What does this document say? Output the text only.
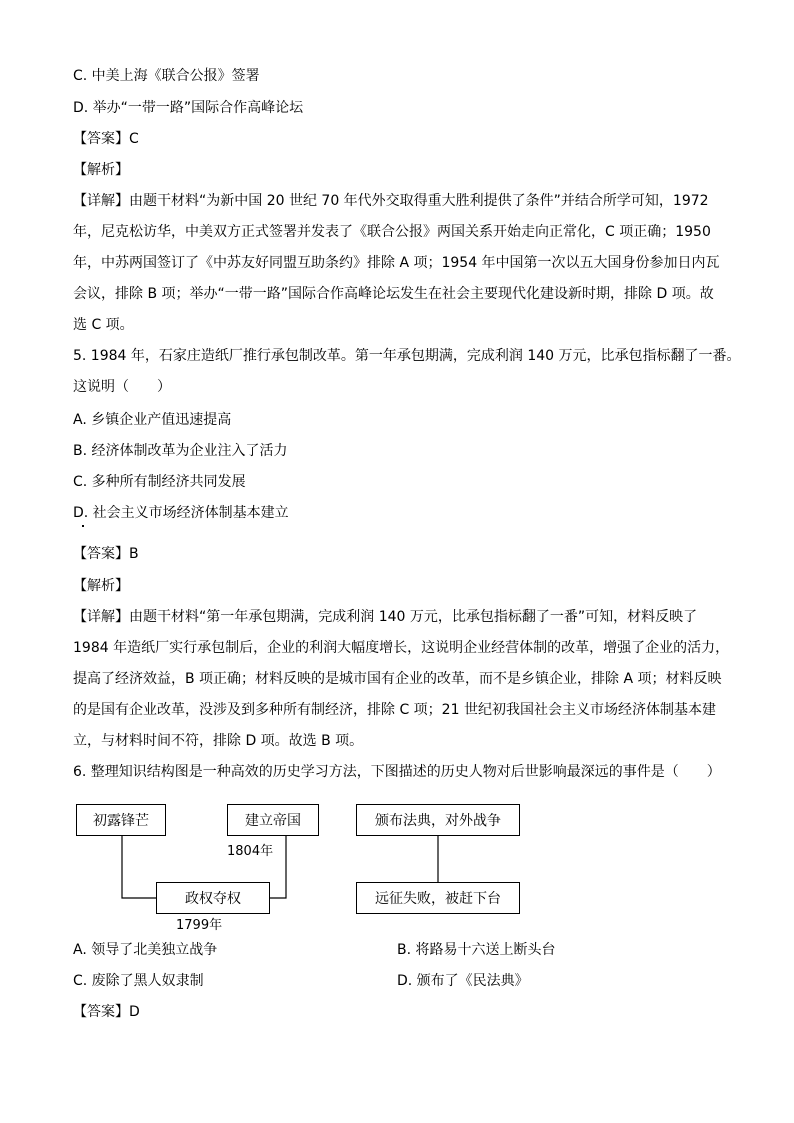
C. 中美上海《联合公报》签署
D. 举办“一带一路”国际合作高峰论坛
【答案】C
【解析】
【详解】由题干材料“为新中国 20 世纪 70 年代外交取得重大胜利提供了条件”并结合所学可知，1972
年，尼克松访华，中美双方正式签署并发表了《联合公报》两国关系开始走向正常化，C 项正确；1950
年，中苏两国签订了《中苏友好同盟互助条约》排除 A 项；1954 年中国第一次以五大国身份参加日内瓦
会议，排除 B 项；举办“一带一路”国际合作高峰论坛发生在社会主要现代化建设新时期，排除 D 项。故
选 C 项。
5. 1984 年，石家庄造纸厂推行承包制改革。第一年承包期满，完成利润 140 万元，比承包指标翻了一番。
这说明（　　）
A. 乡镇企业产值迅速提高
B. 经济体制改革为企业注入了活力
C. 多种所有制经济共同发展
D. 社会主义市场经济体制基本建立
【答案】B
【解析】
【详解】由题干材料“第一年承包期满，完成利润 140 万元，比承包指标翻了一番”可知，材料反映了
1984 年造纸厂实行承包制后，企业的利润大幅度增长，这说明企业经营体制的改革，增强了企业的活力，
提高了经济效益，B 项正确；材料反映的是城市国有企业的改革，而不是乡镇企业，排除 A 项；材料反映
的是国有企业改革，没涉及到多种所有制经济，排除 C 项；21 世纪初我国社会主义市场经济体制基本建
立，与材料时间不符，排除 D 项。故选 B 项。
6. 整理知识结构图是一种高效的历史学习方法，下图描述的历史人物对后世影响最深远的事件是（　　）
初露锋芒	建立帝国
1804年
颁布法典，对外战争
政权夺权
1799年
远征失败，被赶下台
A. 领导了北美独立战争	B. 将路易十六送上断头台
C. 废除了黑人奴隶制	D. 颁布了《民法典》
【答案】D
